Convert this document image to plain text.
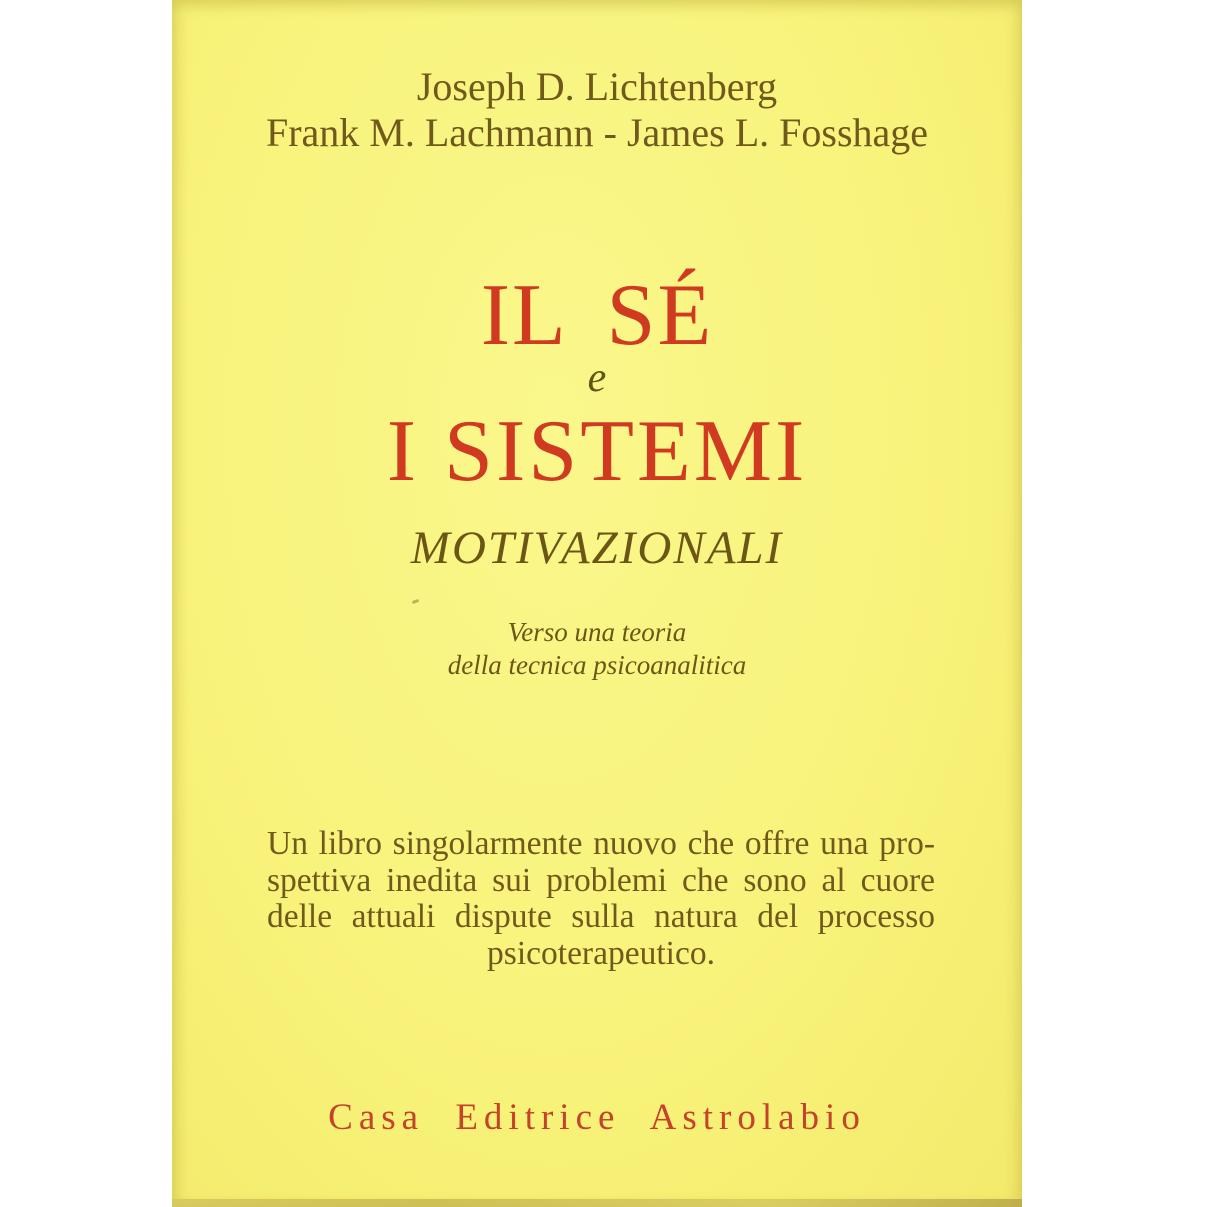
Joseph D. Lichtenberg
Frank M. Lachmann - James L. Fosshage
IL SÉ
e
I SISTEMI
MOTIVAZIONALI
Verso una teoria
della tecnica psicoanalitica
Un libro singolarmente nuovo che offre una pro-
spettiva inedita sui problemi che sono al cuore
delle attuali dispute sulla natura del processo
psicoterapeutico.
Casa Editrice Astrolabio
